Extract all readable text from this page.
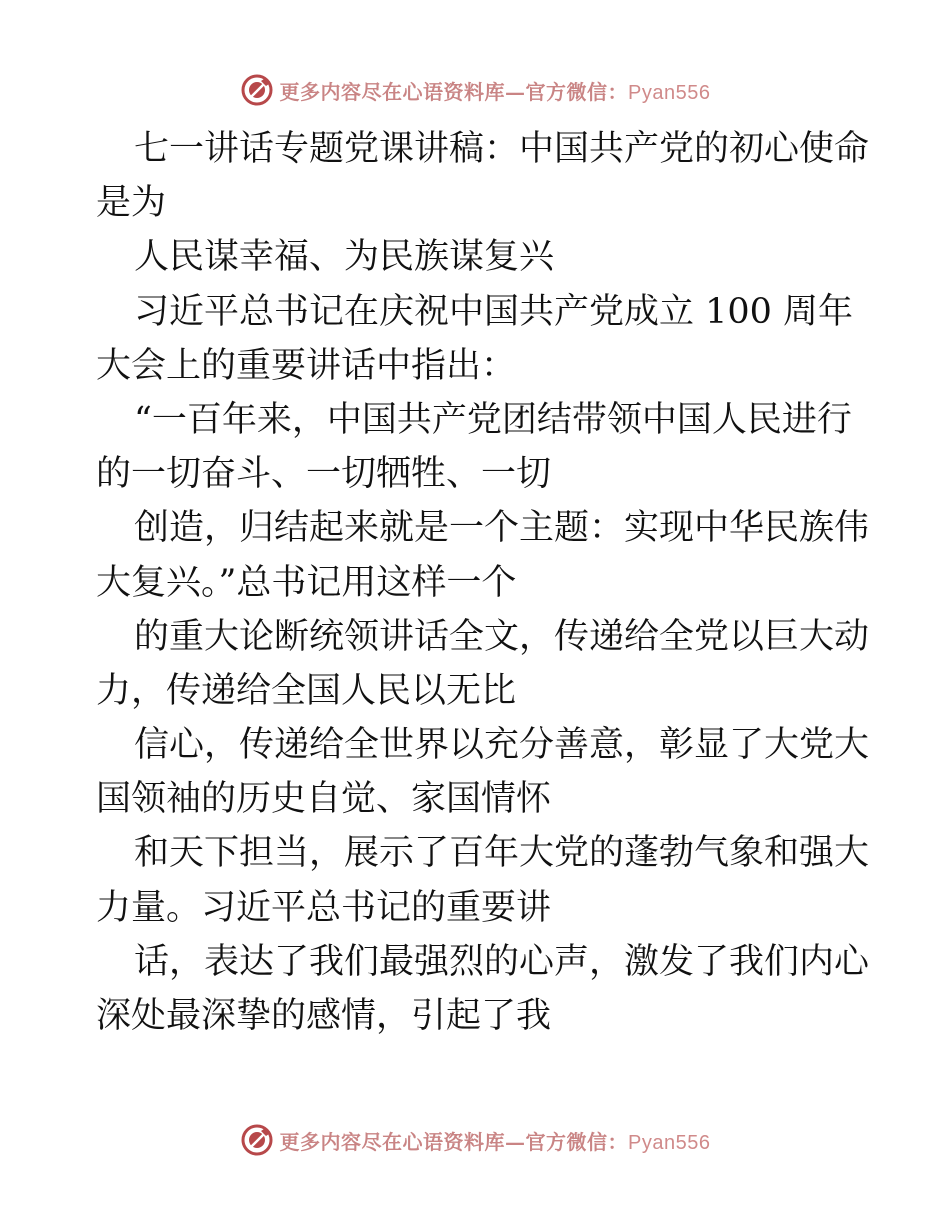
更多内容尽在心语资料库—官方微信：Pyan556
七一讲话专题党课讲稿：中国共产党的初心使命
是为
人民谋幸福、为民族谋复兴
习近平总书记在庆祝中国共产党成立 100 周年
大会上的重要讲话中指出：
“一百年来，中国共产党团结带领中国人民进行
的一切奋斗、一切牺牲、一切
创造，归结起来就是一个主题：实现中华民族伟
大复兴。”总书记用这样一个
的重大论断统领讲话全文，传递给全党以巨大动
力，传递给全国人民以无比
信心，传递给全世界以充分善意，彰显了大党大
国领袖的历史自觉、家国情怀
和天下担当，展示了百年大党的蓬勃气象和强大
力量。习近平总书记的重要讲
话，表达了我们最强烈的心声，激发了我们内心
深处最深挚的感情，引起了我
更多内容尽在心语资料库—官方微信：Pyan556
